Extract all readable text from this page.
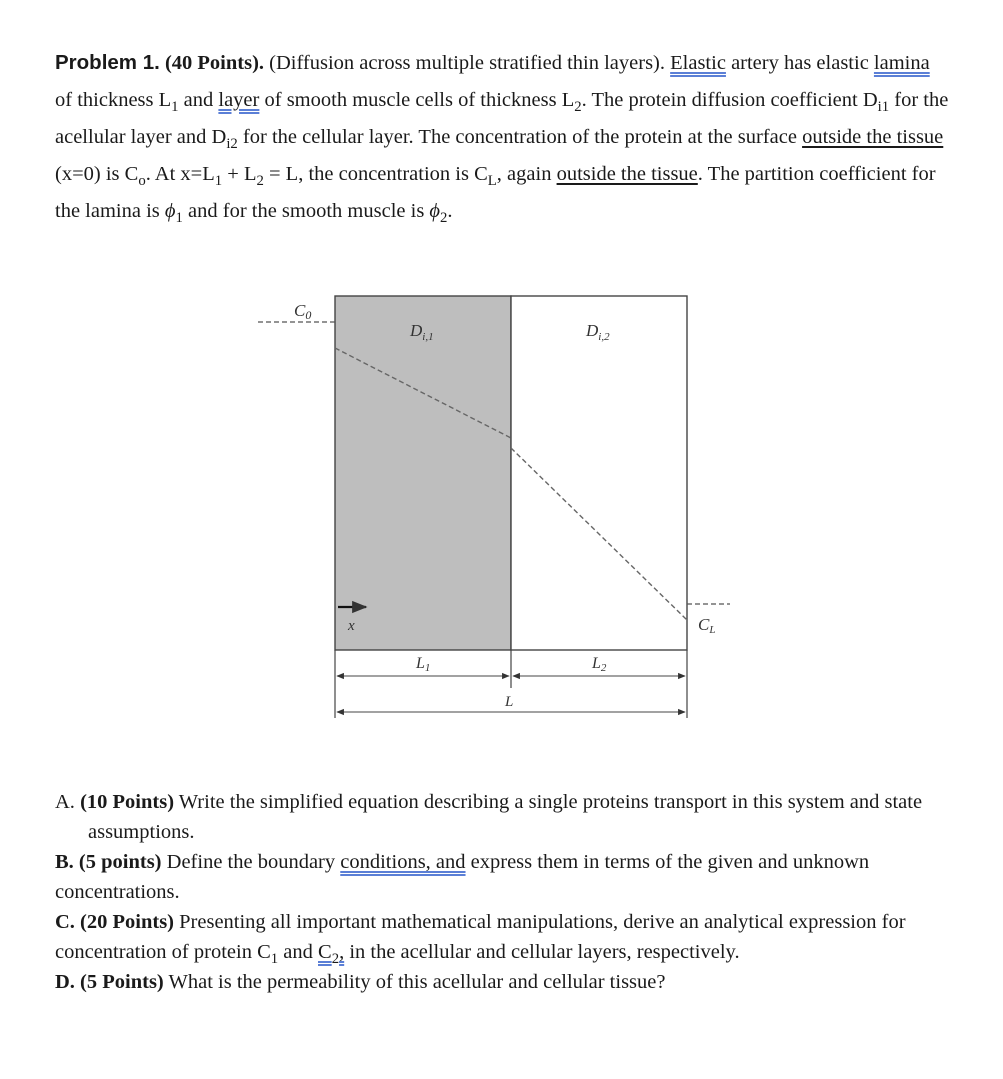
Problem 1. (40 Points). (Diffusion across multiple stratified thin layers). Elastic artery has elastic lamina of thickness $L_1$ and layer of smooth muscle cells of thickness $L_2$. The protein diffusion coefficient $D_{i1}$ for the acellular layer and $D_{i2}$ for the cellular layer. The concentration of the protein at the surface outside the tissue (x=0) is $C_o$. At $x=L_1 + L_2 = L$, the concentration is $C_L$, again outside the tissue. The partition coefficient for the lamina is $\phi_1$ and for the smooth muscle is $\phi_2$.

C0
CL
$D_{i,1}$	$D_{i,2}$
x
L1	L2
L

A. (10 Points) Write the simplified equation describing a single proteins transport in this system and state assumptions.

B. (5 points) Define the boundary conditions, and express them in terms of the given and unknown concentrations.

C. (20 Points) Presenting all important mathematical manipulations, derive an analytical expression for concentration of protein $C_1$ and $C_2$, in the acellular and cellular layers, respectively.

D. (5 Points) What is the permeability of this acellular and cellular tissue?
